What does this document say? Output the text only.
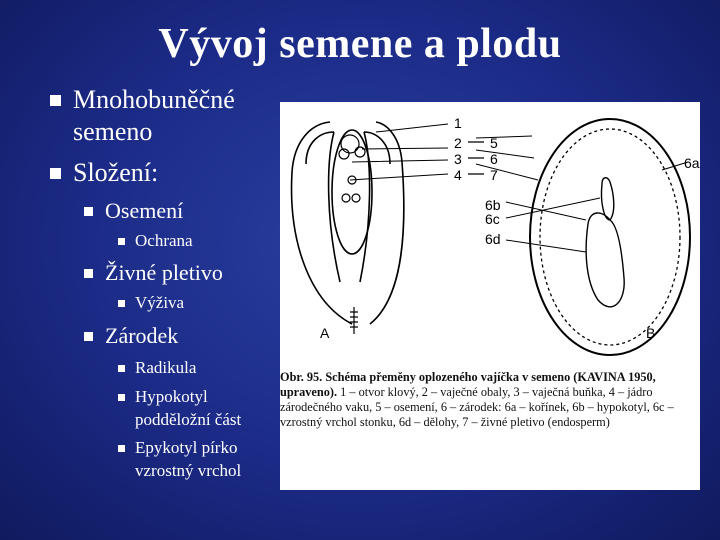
Vývoj semene a plodu
Mnohobuněčné
semeno
Složení:
Osemení
Ochrana
Živné pletivo
Výživa
Zárodek
Radikula
Hypokotyl
podděložní část
Epykotyl pírko
vzrostný vrchol
1
2
3
4
5
6
7
6a
6b
6c
6d
A	B
Obr. 95. Schéma přeměny oplozeného vajíčka v semeno (KAVINA 1950, upraveno). 1 – otvor klový, 2 – vaječné obaly, 3 – vaječná buňka, 4 – jádro zárodečného vaku, 5 – osemení, 6 – zárodek: 6a – kořínek, 6b – hypokotyl, 6c – vzrostný vrchol stonku, 6d – dělohy, 7 – živné pletivo (endosperm)
